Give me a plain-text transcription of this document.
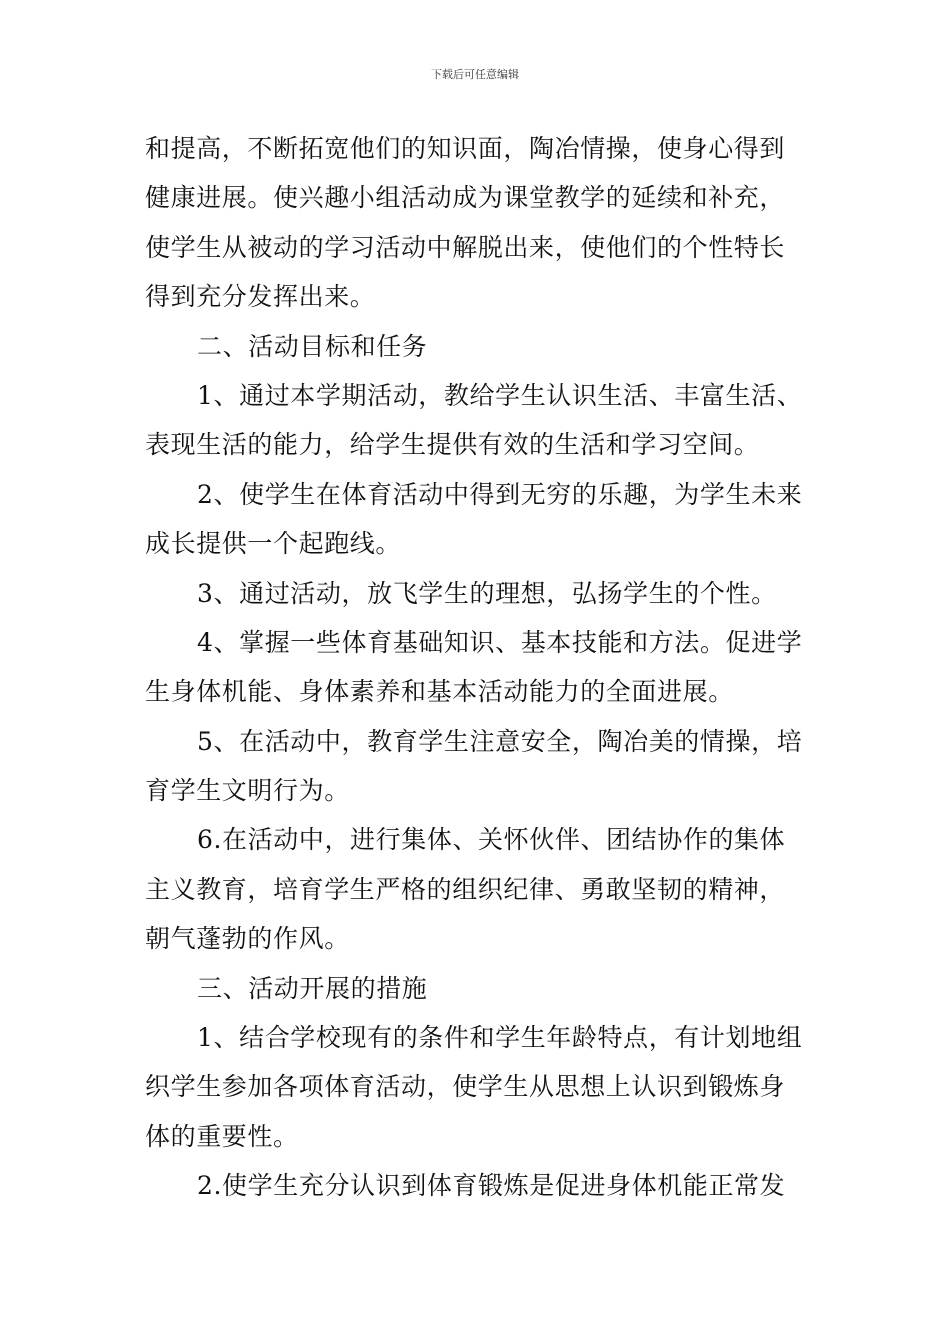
下载后可任意编辑
和提高，不断拓宽他们的知识面，陶冶情操，使身心得到
健康进展。使兴趣小组活动成为课堂教学的延续和补充，
使学生从被动的学习活动中解脱出来，使他们的个性特长
得到充分发挥出来。
二、活动目标和任务
1、通过本学期活动，教给学生认识生活、丰富生活、
表现生活的能力，给学生提供有效的生活和学习空间。
2、使学生在体育活动中得到无穷的乐趣，为学生未来
成长提供一个起跑线。
3、通过活动，放飞学生的理想，弘扬学生的个性。
4、掌握一些体育基础知识、基本技能和方法。促进学
生身体机能、身体素养和基本活动能力的全面进展。
5、在活动中，教育学生注意安全，陶冶美的情操，培
育学生文明行为。
6.在活动中，进行集体、关怀伙伴、团结协作的集体
主义教育，培育学生严格的组织纪律、勇敢坚韧的精神，
朝气蓬勃的作风。
三、活动开展的措施
1、结合学校现有的条件和学生年龄特点，有计划地组
织学生参加各项体育活动，使学生从思想上认识到锻炼身
体的重要性。
2.使学生充分认识到体育锻炼是促进身体机能正常发
